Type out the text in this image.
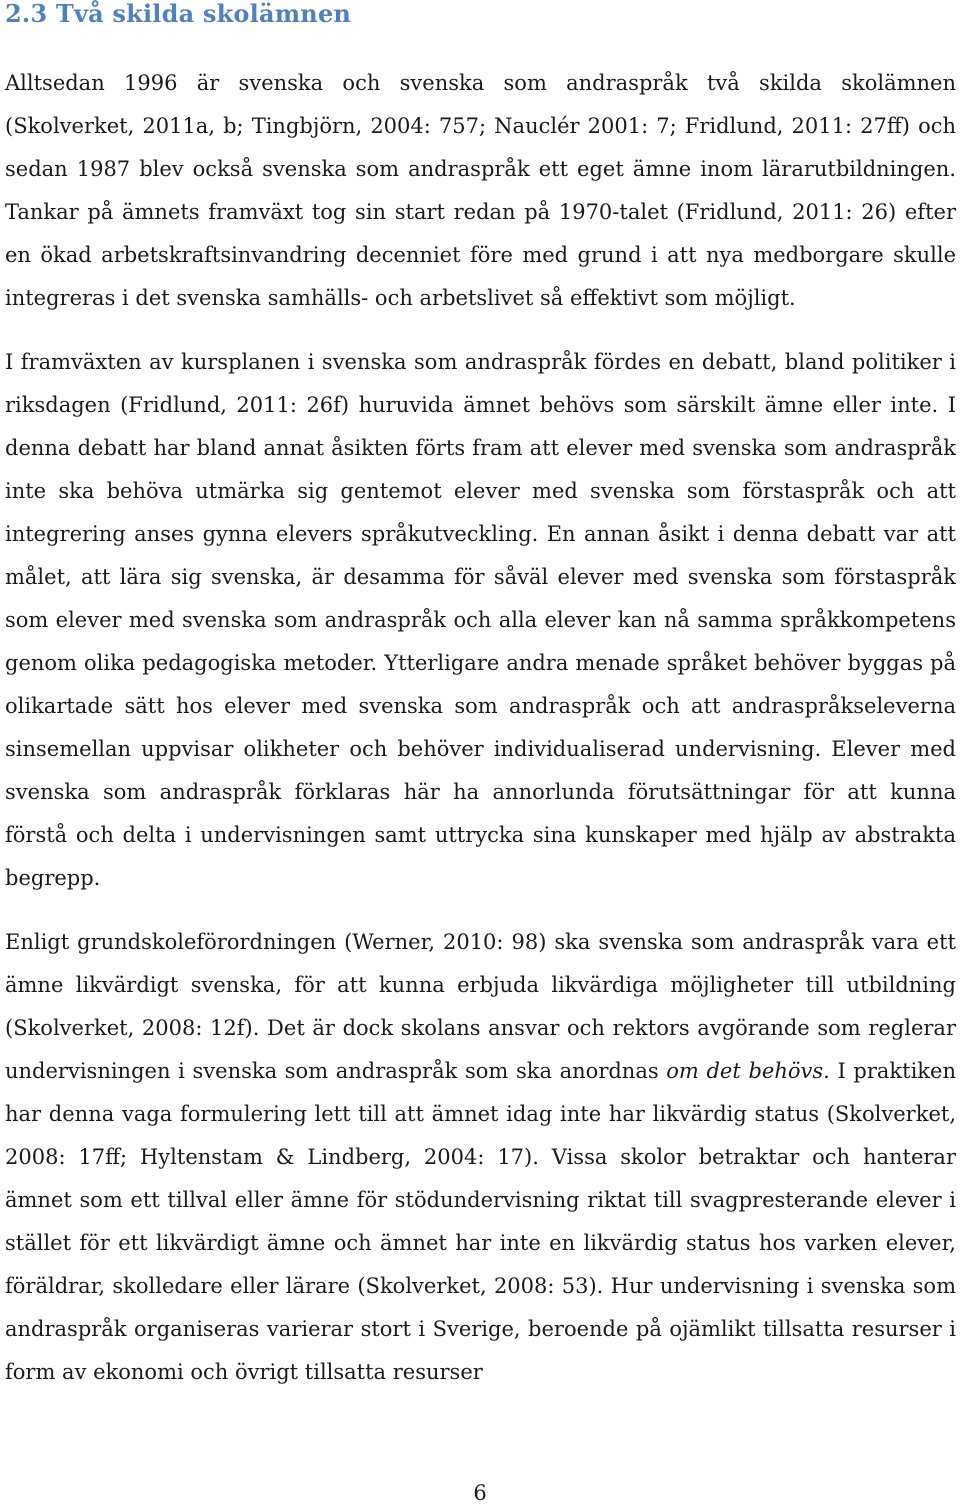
2.3 Två skilda skolämnen

Alltsedan 1996 är svenska och svenska som andraspråk två skilda skolämnen (Skolverket, 2011a, b; Tingbjörn, 2004: 757; Nauclér 2001: 7; Fridlund, 2011: 27ff) och sedan 1987 blev också svenska som andraspråk ett eget ämne inom lärarutbildningen. Tankar på ämnets framväxt tog sin start redan på 1970-talet (Fridlund, 2011: 26) efter en ökad arbetskraftsinvandring decenniet före med grund i att nya medborgare skulle integreras i det svenska samhälls- och arbetslivet så effektivt som möjligt.

I framväxten av kursplanen i svenska som andraspråk fördes en debatt, bland politiker i riksdagen (Fridlund, 2011: 26f) huruvida ämnet behövs som särskilt ämne eller inte. I denna debatt har bland annat åsikten förts fram att elever med svenska som andraspråk inte ska behöva utmärka sig gentemot elever med svenska som förstaspråk och att integrering anses gynna elevers språkutveckling. En annan åsikt i denna debatt var att målet, att lära sig svenska, är desamma för såväl elever med svenska som förstaspråk som elever med svenska som andraspråk och alla elever kan nå samma språkkompetens genom olika pedagogiska metoder. Ytterligare andra menade språket behöver byggas på olikartade sätt hos elever med svenska som andraspråk och att andraspråkseleverna sinsemellan uppvisar olikheter och behöver individualiserad undervisning. Elever med svenska som andraspråk förklaras här ha annorlunda förutsättningar för att kunna förstå och delta i undervisningen samt uttrycka sina kunskaper med hjälp av abstrakta begrepp.

Enligt grundskoleförordningen (Werner, 2010: 98) ska svenska som andraspråk vara ett ämne likvärdigt svenska, för att kunna erbjuda likvärdiga möjligheter till utbildning (Skolverket, 2008: 12f). Det är dock skolans ansvar och rektors avgörande som reglerar undervisningen i svenska som andraspråk som ska anordnas om det behövs. I praktiken har denna vaga formulering lett till att ämnet idag inte har likvärdig status (Skolverket, 2008: 17ff; Hyltenstam & Lindberg, 2004: 17). Vissa skolor betraktar och hanterar ämnet som ett tillval eller ämne för stödundervisning riktat till svagpresterande elever i stället för ett likvärdigt ämne och ämnet har inte en likvärdig status hos varken elever, föräldrar, skolledare eller lärare (Skolverket, 2008: 53). Hur undervisning i svenska som andraspråk organiseras varierar stort i Sverige, beroende på ojämlikt tillsatta resurser i form av ekonomi och övrigt tillsatta resurser

6
